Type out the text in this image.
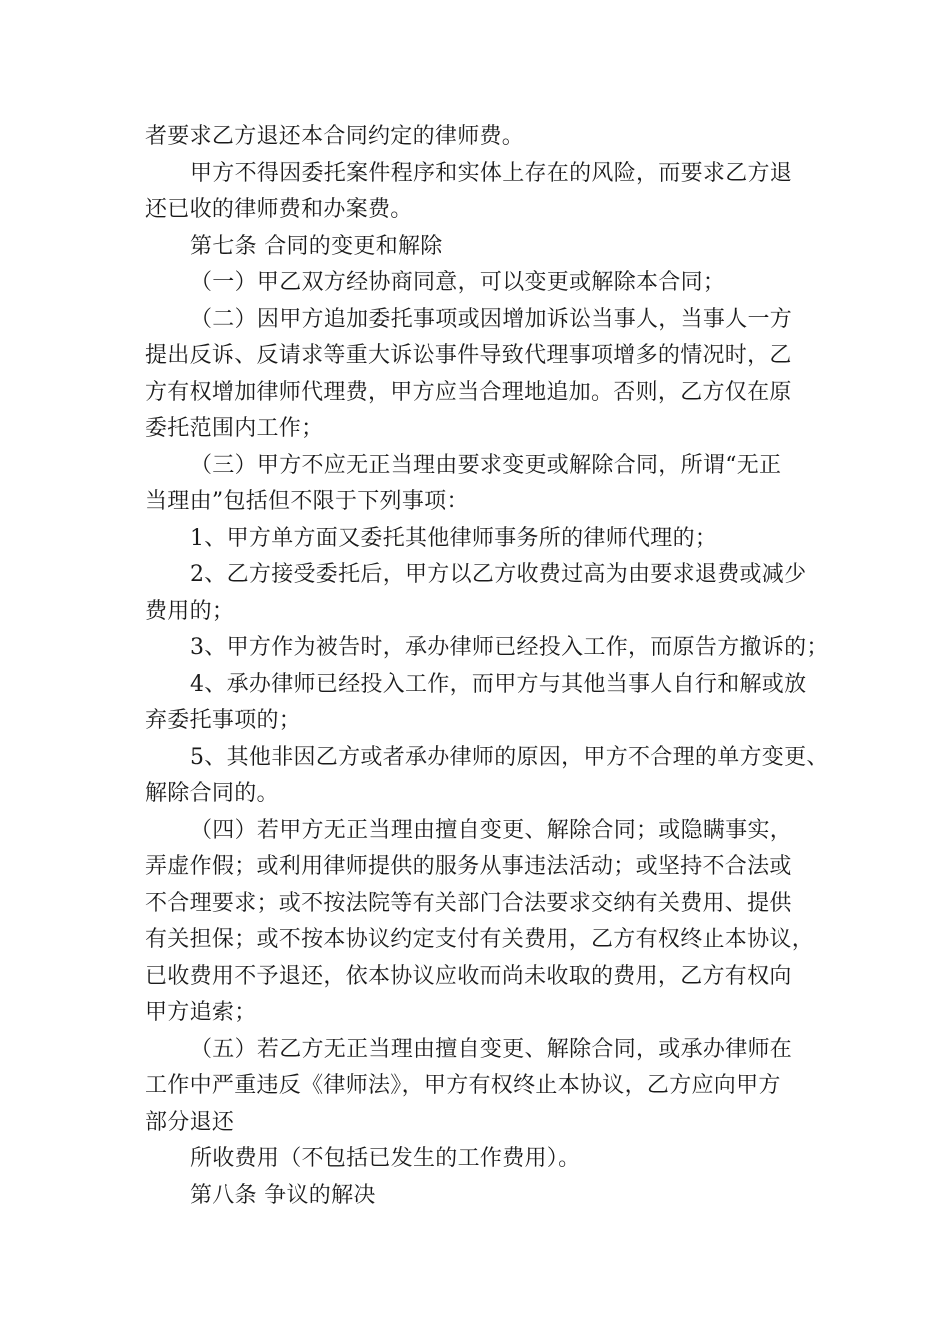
者要求乙方退还本合同约定的律师费。
甲方不得因委托案件程序和实体上存在的风险，而要求乙方退
还已收的律师费和办案费。
第七条 合同的变更和解除
（一）甲乙双方经协商同意，可以变更或解除本合同；
（二）因甲方追加委托事项或因增加诉讼当事人，当事人一方
提出反诉、反请求等重大诉讼事件导致代理事项增多的情况时，乙
方有权增加律师代理费，甲方应当合理地追加。否则，乙方仅在原
委托范围内工作；
（三）甲方不应无正当理由要求变更或解除合同，所谓“无正
当理由”包括但不限于下列事项：
1、甲方单方面又委托其他律师事务所的律师代理的；
2、乙方接受委托后，甲方以乙方收费过高为由要求退费或减少
费用的；
3、甲方作为被告时，承办律师已经投入工作，而原告方撤诉的；
4、承办律师已经投入工作，而甲方与其他当事人自行和解或放
弃委托事项的；
5、其他非因乙方或者承办律师的原因，甲方不合理的单方变更、
解除合同的。
（四）若甲方无正当理由擅自变更、解除合同；或隐瞒事实，
弄虚作假；或利用律师提供的服务从事违法活动；或坚持不合法或
不合理要求；或不按法院等有关部门合法要求交纳有关费用、提供
有关担保；或不按本协议约定支付有关费用，乙方有权终止本协议，
已收费用不予退还，依本协议应收而尚未收取的费用，乙方有权向
甲方追索；
（五）若乙方无正当理由擅自变更、解除合同，或承办律师在
工作中严重违反《律师法》，甲方有权终止本协议，乙方应向甲方
部分退还
所收费用（不包括已发生的工作费用）。
第八条 争议的解决
